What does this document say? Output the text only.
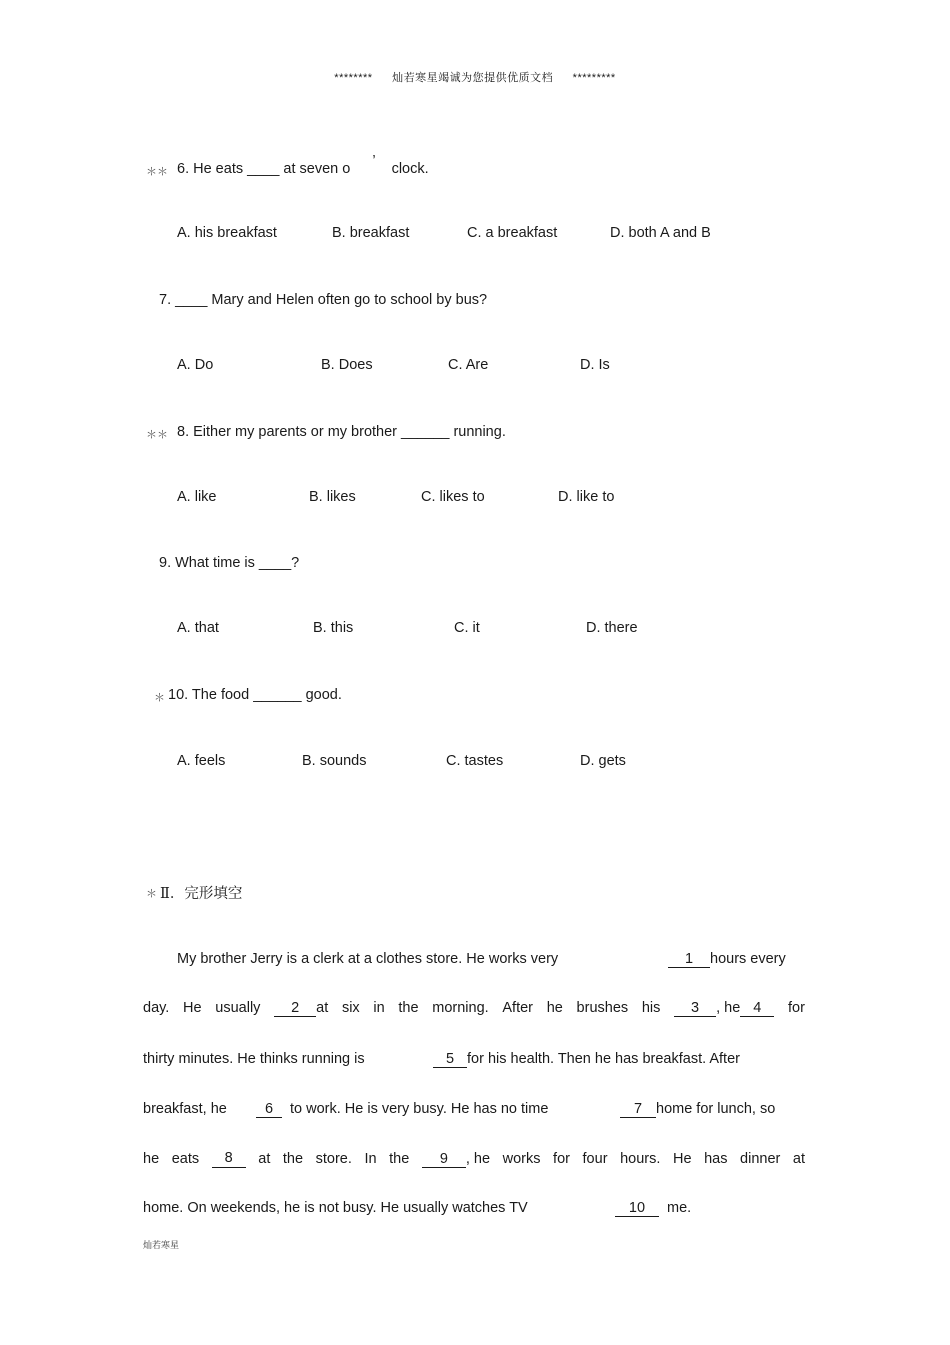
******** 灿若寒星竭诚为您提供优质文档 *********
＊＊ 6. He eats ____ at seven o ’ clock.
A. his breakfast	B. breakfast	C. a breakfast	D. both A and B
7. ____ Mary and Helen often go to school by bus?
A. Do	B. Does	C. Are	D. Is
＊＊ 8. Either my parents or my brother ______ running.
A. like	B. likes	C. likes to	D. like to
9. What time is ____?
A. that	B. this	C. it	D. there
＊ 10. The food ______ good.
A. feels	B. sounds	C. tastes	D. gets
＊ Ⅱ．完形填空
My brother Jerry is a clerk at a clothes store. He works very	1 hours every
day. He usually	2 at six in the morning. After he brushes his	3 , he 4	for
thirty minutes. He thinks running is	5 for his health. Then he has breakfast. After
breakfast, he	6 to work. He is very busy. He has no time	7 home for lunch, so
he eats	8	at the store. In the	9 , he works for four hours. He has dinner at
home. On weekends, he is not busy. He usually watches TV	10 me.
灿若寒星
